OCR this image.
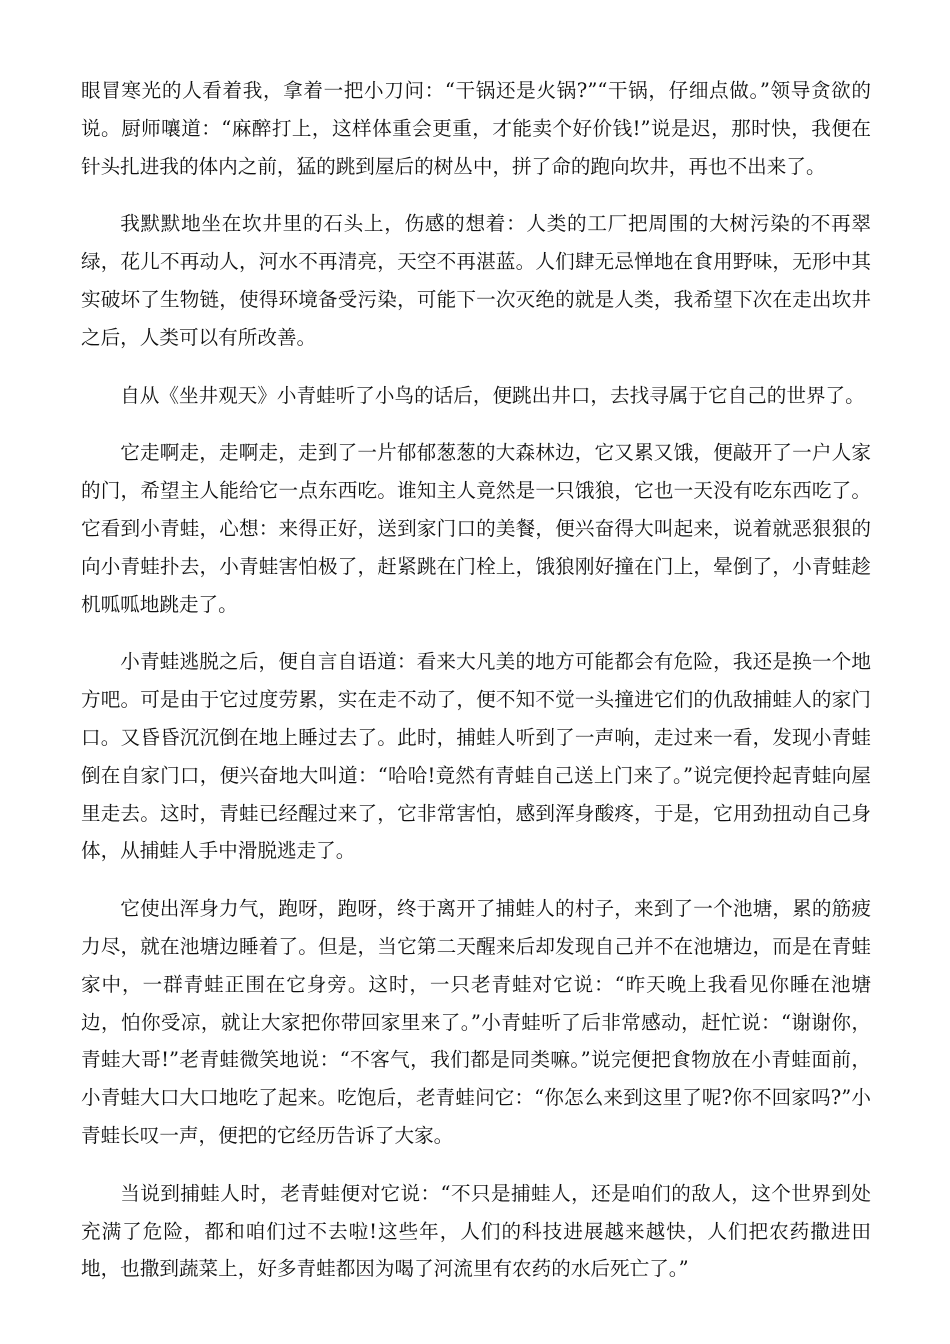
眼冒寒光的人看着我，拿着一把小刀问：“干锅还是火锅?”“干锅，仔细点做。”领导贪欲的说。厨师嚷道：“麻醉打上，这样体重会更重，才能卖个好价钱!”说是迟，那时快，我便在针头扎进我的体内之前，猛的跳到屋后的树丛中，拼了命的跑向坎井，再也不出来了。

我默默地坐在坎井里的石头上，伤感的想着：人类的工厂把周围的大树污染的不再翠绿，花儿不再动人，河水不再清亮，天空不再湛蓝。人们肆无忌惮地在食用野味，无形中其实破坏了生物链，使得环境备受污染，可能下一次灭绝的就是人类，我希望下次在走出坎井之后，人类可以有所改善。

自从《坐井观天》小青蛙听了小鸟的话后，便跳出井口，去找寻属于它自己的世界了。

它走啊走，走啊走，走到了一片郁郁葱葱的大森林边，它又累又饿，便敲开了一户人家的门，希望主人能给它一点东西吃。谁知主人竟然是一只饿狼，它也一天没有吃东西吃了。它看到小青蛙，心想：来得正好，送到家门口的美餐，便兴奋得大叫起来，说着就恶狠狠的向小青蛙扑去，小青蛙害怕极了，赶紧跳在门栓上，饿狼刚好撞在门上，晕倒了，小青蛙趁机呱呱地跳走了。

小青蛙逃脱之后，便自言自语道：看来大凡美的地方可能都会有危险，我还是换一个地方吧。可是由于它过度劳累，实在走不动了，便不知不觉一头撞进它们的仇敌捕蛙人的家门口。又昏昏沉沉倒在地上睡过去了。此时，捕蛙人听到了一声响，走过来一看，发现小青蛙倒在自家门口，便兴奋地大叫道：“哈哈!竟然有青蛙自己送上门来了。”说完便拎起青蛙向屋里走去。这时，青蛙已经醒过来了，它非常害怕，感到浑身酸疼，于是，它用劲扭动自己身体，从捕蛙人手中滑脱逃走了。

它使出浑身力气，跑呀，跑呀，终于离开了捕蛙人的村子，来到了一个池塘，累的筋疲力尽，就在池塘边睡着了。但是，当它第二天醒来后却发现自己并不在池塘边，而是在青蛙家中，一群青蛙正围在它身旁。这时，一只老青蛙对它说：“昨天晚上我看见你睡在池塘边，怕你受凉，就让大家把你带回家里来了。”小青蛙听了后非常感动，赶忙说：“谢谢你，青蛙大哥!”老青蛙微笑地说：“不客气，我们都是同类嘛。”说完便把食物放在小青蛙面前，小青蛙大口大口地吃了起来。吃饱后，老青蛙问它：“你怎么来到这里了呢?你不回家吗?”小青蛙长叹一声，便把的它经历告诉了大家。

当说到捕蛙人时，老青蛙便对它说：“不只是捕蛙人，还是咱们的敌人，这个世界到处充满了危险，都和咱们过不去啦!这些年，人们的科技进展越来越快，人们把农药撒进田地，也撒到蔬菜上，好多青蛙都因为喝了河流里有农药的水后死亡了。”
